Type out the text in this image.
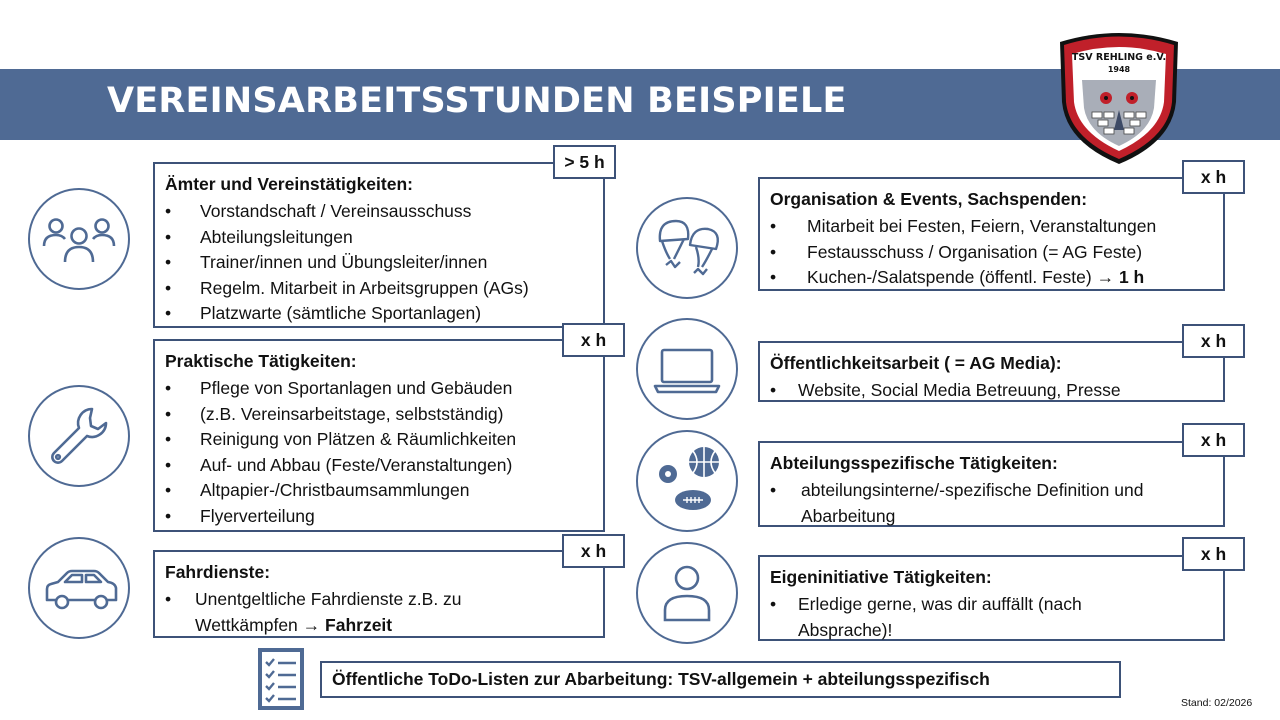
VEREINSARBEITSSTUNDEN BEISPIELE
TSV REHLING e.V.
1948
Ämter und Vereinstätigkeiten:
• Vorstandschaft / Vereinsausschuss
• Abteilungsleitungen
• Trainer/innen und Übungsleiter/innen
• Regelm. Mitarbeit in Arbeitsgruppen (AGs)
• Platzwarte (sämtliche Sportanlagen)
> 5 h
Praktische Tätigkeiten:
• Pflege von Sportanlagen und Gebäuden
• (z.B. Vereinsarbeitstage, selbstständig)
• Reinigung von Plätzen & Räumlichkeiten
• Auf- und Abbau (Feste/Veranstaltungen)
• Altpapier-/Christbaumsammlungen
• Flyerverteilung
x h
Fahrdienste:
• Unentgeltliche Fahrdienste z.B. zu
Wettkämpfen → Fahrzeit
x h
Organisation & Events, Sachspenden:
• Mitarbeit bei Festen, Feiern, Veranstaltungen
• Festausschuss / Organisation (= AG Feste)
• Kuchen-/Salatspende (öffentl. Feste) → 1 h
x h
Öffentlichkeitsarbeit ( = AG Media):
• Website, Social Media Betreuung, Presse
x h
Abteilungsspezifische Tätigkeiten:
• abteilungsinterne/-spezifische Definition und
Abarbeitung
x h
Eigeninitiative Tätigkeiten:
• Erledige gerne, was dir auffällt (nach
Absprache)!
x h
Öffentliche ToDo-Listen zur Abarbeitung: TSV-allgemein + abteilungsspezifisch
Stand: 02/2026
